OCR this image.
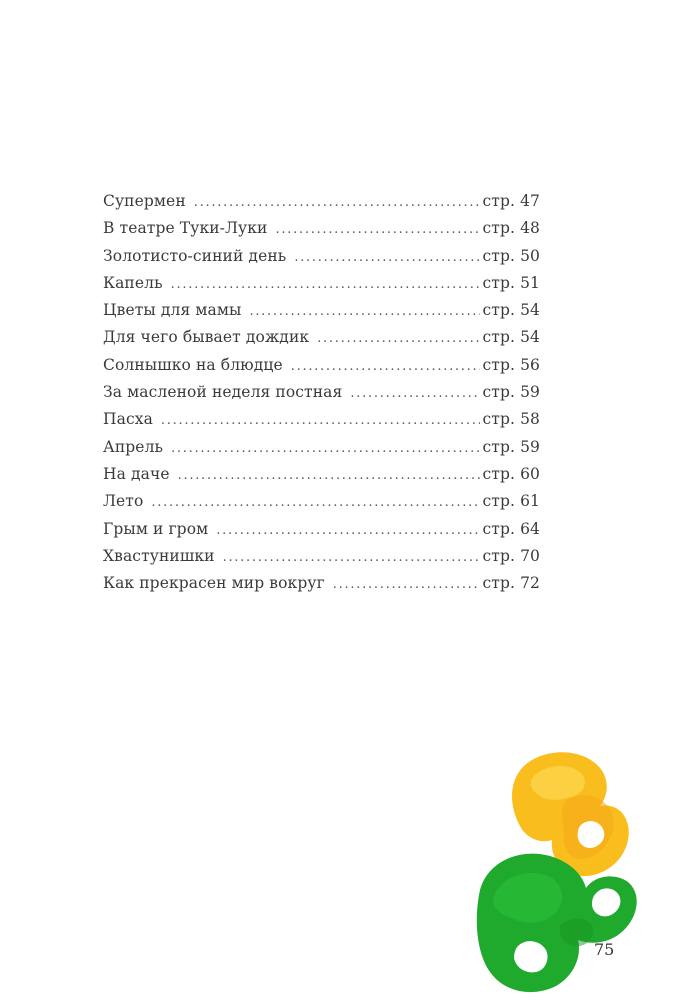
Супермен . . .	стр. 47
В театре Туки-Луки . . .	стр. 48
Золотисто-синий день . . .	стр. 50
Капель . . .	стр. 51
Цветы для мамы . . .	стр. 54
Для чего бывает дождик . . .	стр. 54
Солнышко на блюдце . . .	стр. 56
За масленой неделя постная . . .	стр. 59
Пасха . . .	стр. 58
Апрель . . .	стр. 59
На даче . . .	стр. 60
Лето . . .	стр. 61
Грым и гром . . .	стр. 64
Хвастунишки . . .	стр. 70
Как прекрасен мир вокруг . . .	стр. 72
75
